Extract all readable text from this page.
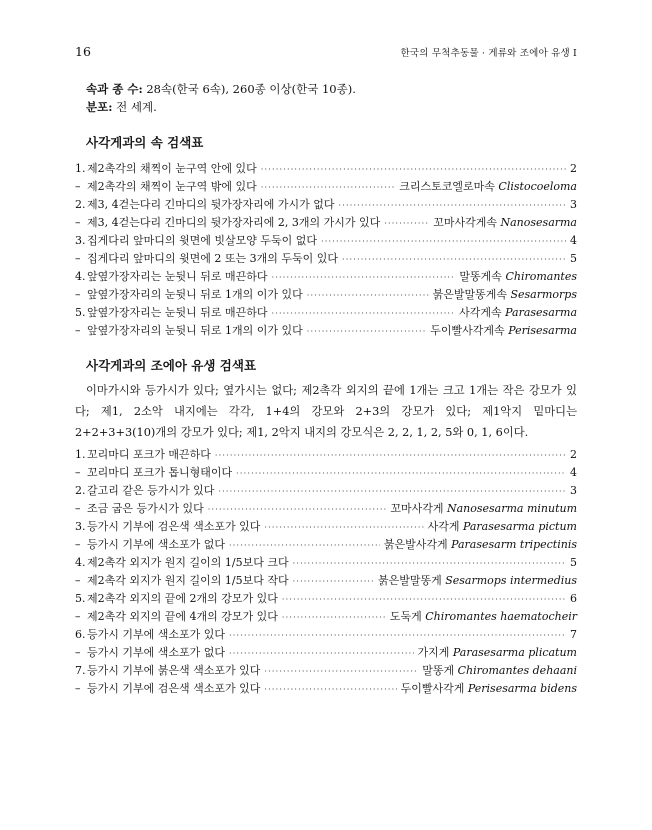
16	한국의 무척추동물 · 게류와 조에아 유생 I
속과 종 수: 28속(한국 6속), 260종 이상(한국 10종).
분포: 전 세계.
사각게과의 속 검색표
1. 제2촉각의 채찍이 눈구역 안에 있다 ·····	2
– 제2촉각의 채찍이 눈구역 밖에 있다 ·····	크리스토코엘로마속 Clistocoeloma
2. 제3, 4걷는다리 긴마디의 뒷가장자리에 가시가 없다 ·····	3
– 제3, 4걷는다리 긴마디의 뒷가장자리에 2, 3개의 가시가 있다 ·····	꼬마사각게속 Nanosesarma
3. 집게다리 앞마디의 윗면에 빗살모양 두둑이 없다 ·····	4
– 집게다리 앞마디의 윗면에 2 또는 3개의 두둑이 있다 ·····	5
4. 앞옆가장자리는 눈뒷니 뒤로 매끈하다 ·····	말똥게속 Chiromantes
– 앞옆가장자리의 눈뒷니 뒤로 1개의 이가 있다 ·····	붉은발말똥게속 Sesarmorps
5. 앞옆가장자리는 눈뒷니 뒤로 매끈하다 ·····	사각게속 Parasesarma
– 앞옆가장자리의 눈뒷니 뒤로 1개의 이가 있다 ·····	두이빨사각게속 Perisesarma
사각게과의 조에아 유생 검색표
이마가시와 등가시가 있다; 옆가시는 없다; 제2촉각 외지의 끝에 1개는 크고 1개는 작은 강모가 있다; 제1, 2소악 내지에는 각각, 1+4의 강모와 2+3의 강모가 있다; 제1악지 밑마디는 2+2+3+3(10)개의 강모가 있다; 제1, 2악지 내지의 강모식은 2, 2, 1, 2, 5와 0, 1, 6이다.
1. 꼬리마디 포크가 매끈하다 ·····	2
– 꼬리마디 포크가 톱니형태이다 ·····	4
2. 갈고리 같은 등가시가 있다 ·····	3
– 조금 굽은 등가시가 있다 ·····	꼬마사각게 Nanosesarma minutum
3. 등가시 기부에 검은색 색소포가 있다 ·····	사각게 Parasesarma pictum
– 등가시 기부에 색소포가 없다 ·····	붉은발사각게 Parasesarm tripectinis
4. 제2촉각 외지가 원지 길이의 1/5보다 크다 ·····	5
– 제2촉각 외지가 원지 길이의 1/5보다 작다 ·····	붉은발말똥게 Sesarmops intermedius
5. 제2촉각 외지의 끝에 2개의 강모가 있다 ·····	6
– 제2촉각 외지의 끝에 4개의 강모가 있다 ·····	도둑게 Chiromantes haematocheir
6. 등가시 기부에 색소포가 있다 ·····	7
– 등가시 기부에 색소포가 없다 ·····	가지게 Parasesarma plicatum
7. 등가시 기부에 붉은색 색소포가 있다 ·····	말똥게 Chiromantes dehaani
– 등가시 기부에 검은색 색소포가 있다 ·····	두이빨사각게 Perisesarma bidens
